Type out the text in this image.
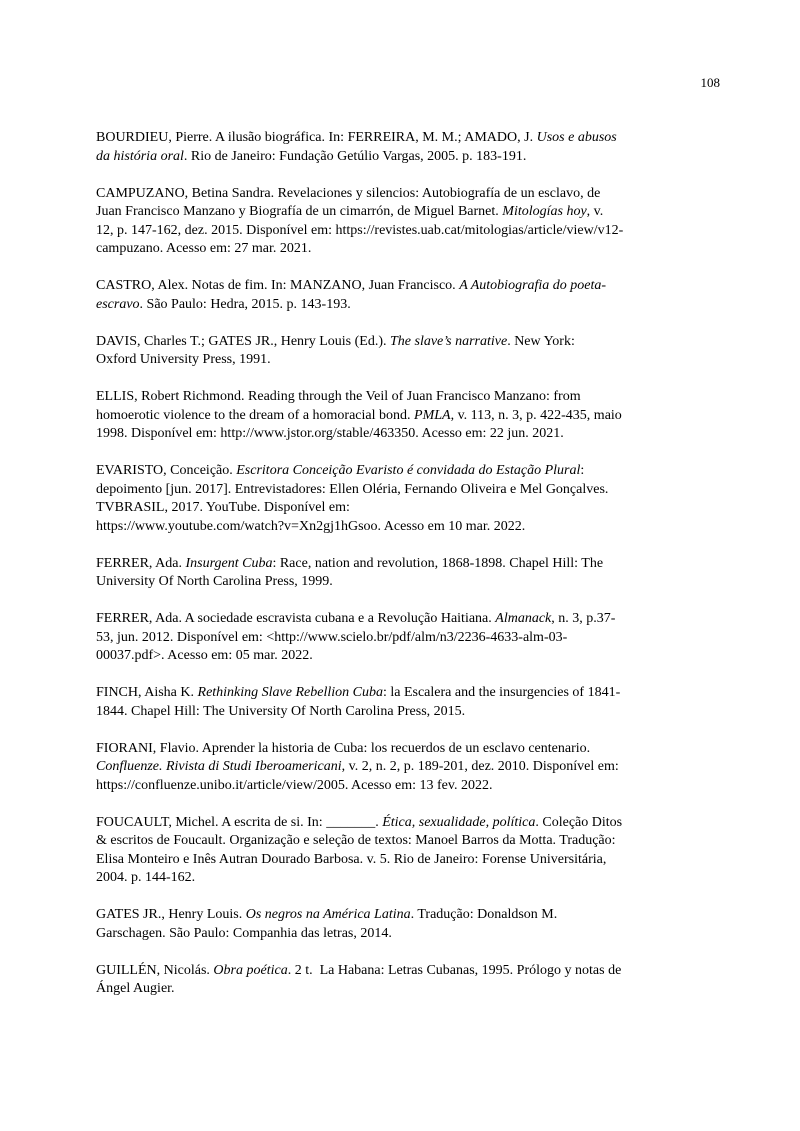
108

BOURDIEU, Pierre. A ilusão biográfica. In: FERREIRA, M. M.; AMADO, J. Usos e abusos
da história oral. Rio de Janeiro: Fundação Getúlio Vargas, 2005. p. 183-191.

CAMPUZANO, Betina Sandra. Revelaciones y silencios: Autobiografía de un esclavo, de
Juan Francisco Manzano y Biografía de un cimarrón, de Miguel Barnet. Mitologías hoy, v.
12, p. 147-162, dez. 2015. Disponível em: https://revistes.uab.cat/mitologias/article/view/v12-
campuzano. Acesso em: 27 mar. 2021.

CASTRO, Alex. Notas de fim. In: MANZANO, Juan Francisco. A Autobiografia do poeta-
escravo. São Paulo: Hedra, 2015. p. 143-193.

DAVIS, Charles T.; GATES JR., Henry Louis (Ed.). The slave’s narrative. New York:
Oxford University Press, 1991.

ELLIS, Robert Richmond. Reading through the Veil of Juan Francisco Manzano: from
homoerotic violence to the dream of a homoracial bond. PMLA, v. 113, n. 3, p. 422-435, maio
1998. Disponível em: http://www.jstor.org/stable/463350. Acesso em: 22 jun. 2021.

EVARISTO, Conceição. Escritora Conceição Evaristo é convidada do Estação Plural:
depoimento [jun. 2017]. Entrevistadores: Ellen Oléria, Fernando Oliveira e Mel Gonçalves.
TVBRASIL, 2017. YouTube. Disponível em:
https://www.youtube.com/watch?v=Xn2gj1hGsoo. Acesso em 10 mar. 2022.

FERRER, Ada. Insurgent Cuba: Race, nation and revolution, 1868-1898. Chapel Hill: The
University Of North Carolina Press, 1999.

FERRER, Ada. A sociedade escravista cubana e a Revolução Haitiana. Almanack, n. 3, p.37-
53, jun. 2012. Disponível em: <http://www.scielo.br/pdf/alm/n3/2236-4633-alm-03-
00037.pdf>. Acesso em: 05 mar. 2022.

FINCH, Aisha K. Rethinking Slave Rebellion Cuba: la Escalera and the insurgencies of 1841-
1844. Chapel Hill: The University Of North Carolina Press, 2015.

FIORANI, Flavio. Aprender la historia de Cuba: los recuerdos de un esclavo centenario.
Confluenze. Rivista di Studi Iberoamericani, v. 2, n. 2, p. 189-201, dez. 2010. Disponível em:
https://confluenze.unibo.it/article/view/2005. Acesso em: 13 fev. 2022.

FOUCAULT, Michel. A escrita de si. In: _______. Ética, sexualidade, política. Coleção Ditos
& escritos de Foucault. Organização e seleção de textos: Manoel Barros da Motta. Tradução:
Elisa Monteiro e Inês Autran Dourado Barbosa. v. 5. Rio de Janeiro: Forense Universitária,
2004. p. 144-162.

GATES JR., Henry Louis. Os negros na América Latina. Tradução: Donaldson M.
Garschagen. São Paulo: Companhia das letras, 2014.

GUILLÉN, Nicolás. Obra poética. 2 t.  La Habana: Letras Cubanas, 1995. Prólogo y notas de
Ángel Augier.
